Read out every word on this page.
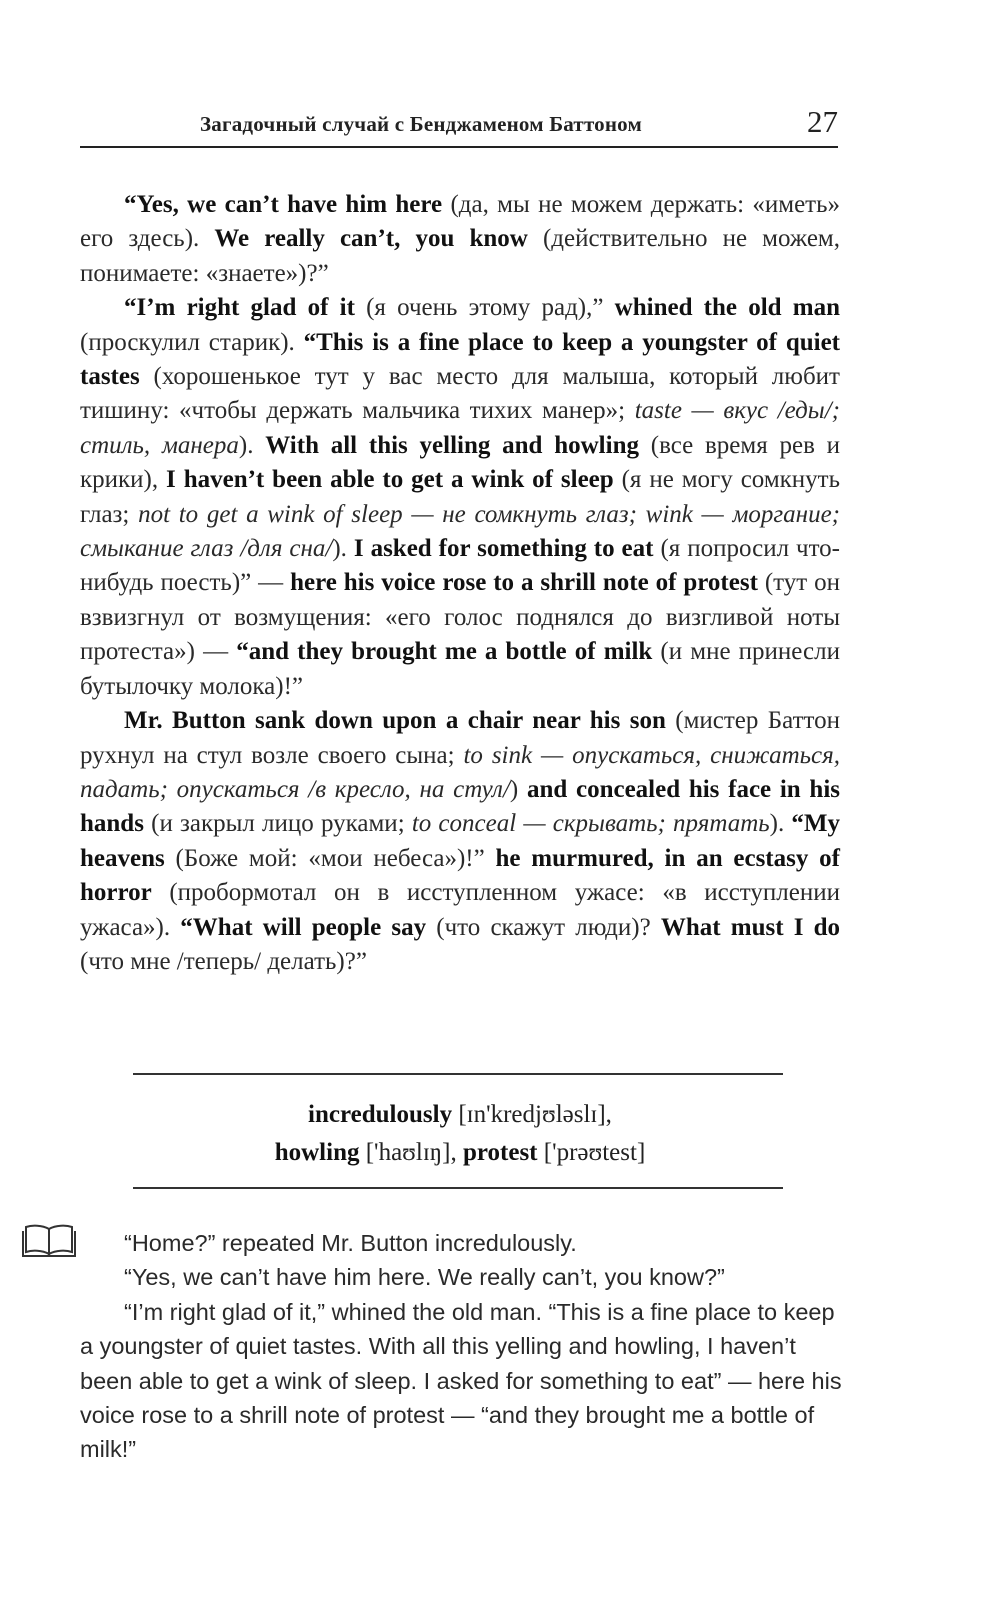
Загадочный случай с Бенджаменом Баттоном	27

“Yes, we can’t have him here (да, мы не можем держать: «иметь» его здесь). We really can’t, you know (действительно не можем, понимаете: «знаете»)?”

“I’m right glad of it (я очень этому рад),” whined the old man (проскулил старик). “This is a fine place to keep a youngster of quiet tastes (хорошенькое тут у вас место для малыша, который любит тишину: «чтобы держать мальчика тихих манер»; taste — вкус /еды/; стиль, манера). With all this yelling and howling (все время рев и крики), I haven’t been able to get a wink of sleep (я не могу сомкнуть глаз; not to get a wink of sleep — не сомкнуть глаз; wink — моргание; смыкание глаз /для сна/). I asked for something to eat (я попросил что-нибудь поесть)” — here his voice rose to a shrill note of protest (тут он взвизгнул от возмущения: «его голос поднялся до визгливой ноты протеста») — “and they brought me a bottle of milk (и мне принесли бутылочку молока)!”

Mr. Button sank down upon a chair near his son (мистер Баттон рухнул на стул возле своего сына; to sink — опускаться, снижаться, падать; опускаться /в кресло, на стул/) and concealed his face in his hands (и закрыл лицо руками; to conceal — скрывать; прятать). “My heavens (Боже мой: «мои небеса»)!” he murmured, in an ecstasy of horror (пробормотал он в исступленном ужасе: «в исступлении ужаса»). “What will people say (что скажут люди)? What must I do (что мне /теперь/ делать)?”

incredulously [ɪn'kredjʊləslɪ],
howling ['haʊlɪŋ], protest ['prəʊtest]

“Home?” repeated Mr. Button incredulously.

“Yes, we can’t have him here. We really can’t, you know?”

“I’m right glad of it,” whined the old man. “This is a fine place to keep a youngster of quiet tastes. With all this yelling and howling, I haven’t been able to get a wink of sleep. I asked for something to eat” — here his voice rose to a shrill note of protest — “and they brought me a bottle of milk!”
